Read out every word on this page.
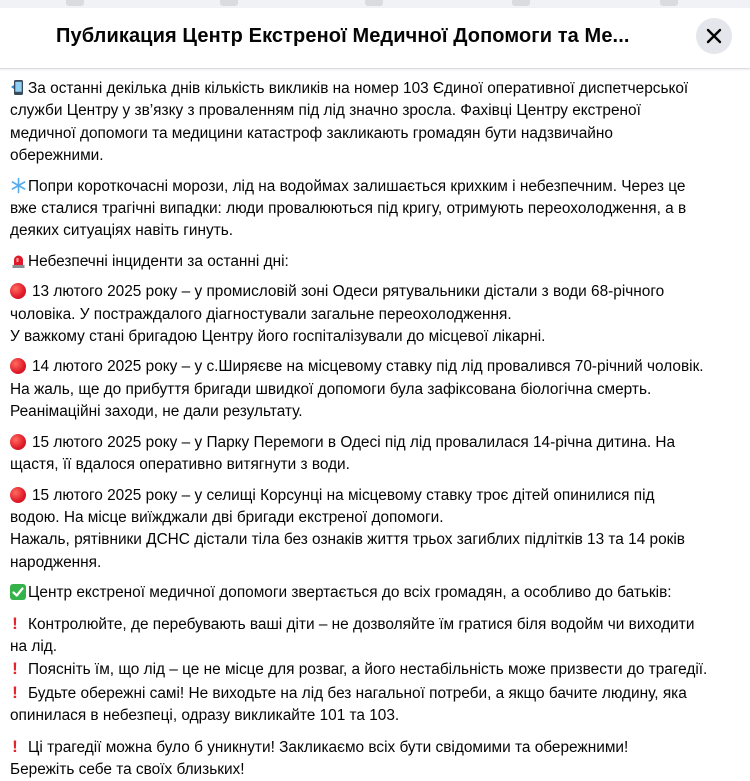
Публикация Центр Екстреної Медичної Допомоги та Ме...
За останні декілька днів кількість викликів на номер 103 Єдиної оперативної диспетчерської
служби Центру у зв’язку з проваленням під лід значно зросла. Фахівці Центру екстреної
медичної допомоги та медицини катастроф закликають громадян бути надзвичайно
обережними.
Попри короткочасні морози, лід на водоймах залишається крихким і небезпечним. Через це
вже сталися трагічні випадки: люди провалюються під кригу, отримують переохолодження, а в
деяких ситуаціях навіть гинуть.
Небезпечні інциденти за останні дні:
13 лютого 2025 року – у промисловій зоні Одеси рятувальники дістали з води 68-річного
чоловіка. У постраждалого діагностували загальне переохолодження.
У важкому стані бригадою Центру його госпіталізували до місцевої лікарні.
14 лютого 2025 року – у с.Ширяєве на місцевому ставку під лід провалився 70-річний чоловік.
На жаль, ще до прибуття бригади швидкої допомоги була зафіксована біологічна смерть.
Реанімаційні заходи, не дали результату.
15 лютого 2025 року – у Парку Перемоги в Одесі під лід провалилася 14-річна дитина. На
щастя, її вдалося оперативно витягнути з води.
15 лютого 2025 року – у селищі Корсунці на місцевому ставку троє дітей опинилися під
водою. На місце виїжджали дві бригади екстреної допомоги.
Нажаль, рятівники ДСНС дістали тіла без ознаків життя трьох загиблих підлітків 13 та 14 років
народження.
Центр екстреної медичної допомоги звертається до всіх громадян, а особливо до батьків:
! Контролюйте, де перебувають ваші діти – не дозволяйте їм гратися біля водойм чи виходити
на лід.
! Поясніть їм, що лід – це не місце для розваг, а його нестабільність може призвести до трагедії.
! Будьте обережні самі! Не виходьте на лід без нагальної потреби, а якщо бачите людину, яка
опинилася в небезпеці, одразу викликайте 101 та 103.
! Ці трагедії можна було б уникнути! Закликаємо всіх бути свідомими та обережними!
Бережіть себе та своїх близьких!
